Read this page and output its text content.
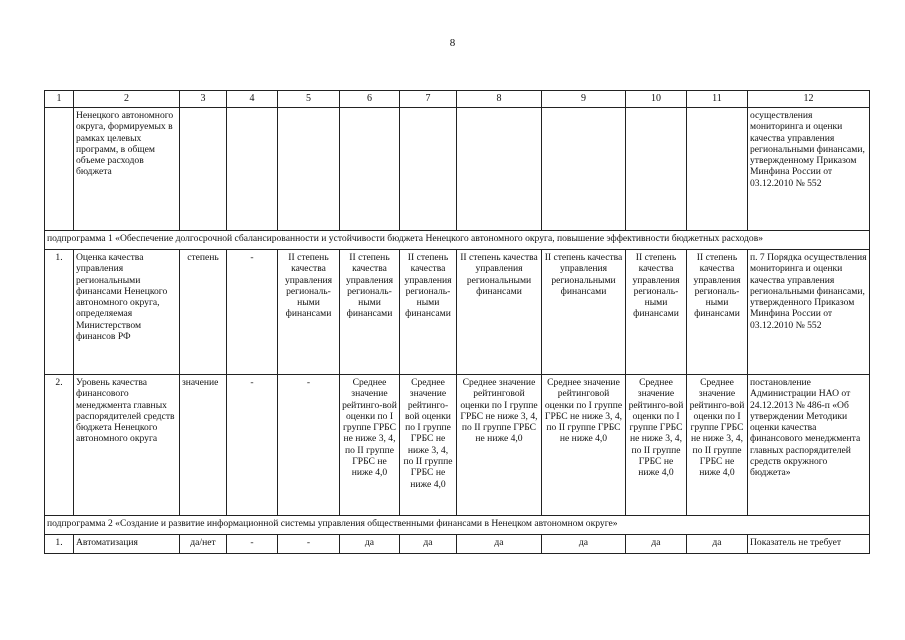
8
1	2	3	4	5	6	7	8	9	10	11	12
	Ненецкого автономного округа, формируемых в рамках целевых программ, в общем объеме расходов бюджета										осуществления мониторинга и оценки качества управления региональными финансами, утвержденному Приказом Минфина России от 03.12.2010 № 552
подпрограмма 1 «Обеспечение долгосрочной сбалансированности и устойчивости бюджета Ненецкого автономного округа, повышение эффективности бюджетных расходов»											
1.	Оценка качества управления региональными финансами Ненецкого автономного округа, определяемая Министерством финансов РФ	степень	-	II степень качества управления региональ-ными финансами	II степень качества управления региональ-ными финансами	II степень качества управления региональ-ными финансами	II степень качества управления региональными финансами	II степень качества управления региональными финансами	II степень качества управления региональ-ными финансами	II степень качества управления региональ-ными финансами	п. 7 Порядка осуществления мониторинга и оценки качества управления региональными финансами, утвержденного Приказом Минфина России от 03.12.2010 № 552
2.	Уровень качества финансового менеджмента главных распорядителей средств бюджета Ненецкого автономного округа	значение	-	-	Среднее значение рейтинго-вой оценки по I группе ГРБС не ниже 3, 4, по II группе ГРБС не ниже 4,0	Среднее значение рейтинго-вой оценки по I группе ГРБС не ниже 3, 4, по II группе ГРБС не ниже 4,0	Среднее значение рейтинговой оценки по I группе ГРБС не ниже 3, 4, по II группе ГРБС не ниже 4,0	Среднее значение рейтинговой оценки по I группе ГРБС не ниже 3, 4, по II группе ГРБС не ниже 4,0	Среднее значение рейтинго-вой оценки по I группе ГРБС не ниже 3, 4, по II группе ГРБС не ниже 4,0	Среднее значение рейтинго-вой оценки по I группе ГРБС не ниже 3, 4, по II группе ГРБС не ниже 4,0	постановление Администрации НАО от 24.12.2013 № 486-п «Об утверждении Методики оценки качества финансового менеджмента главных распорядителей средств окружного бюджета»
подпрограмма 2 «Создание и развитие информационной системы управления общественными финансами в Ненецком автономном округе»											
1.	Автоматизация	да/нет	-	-	да	да	да	да	да	да	Показатель не требует
